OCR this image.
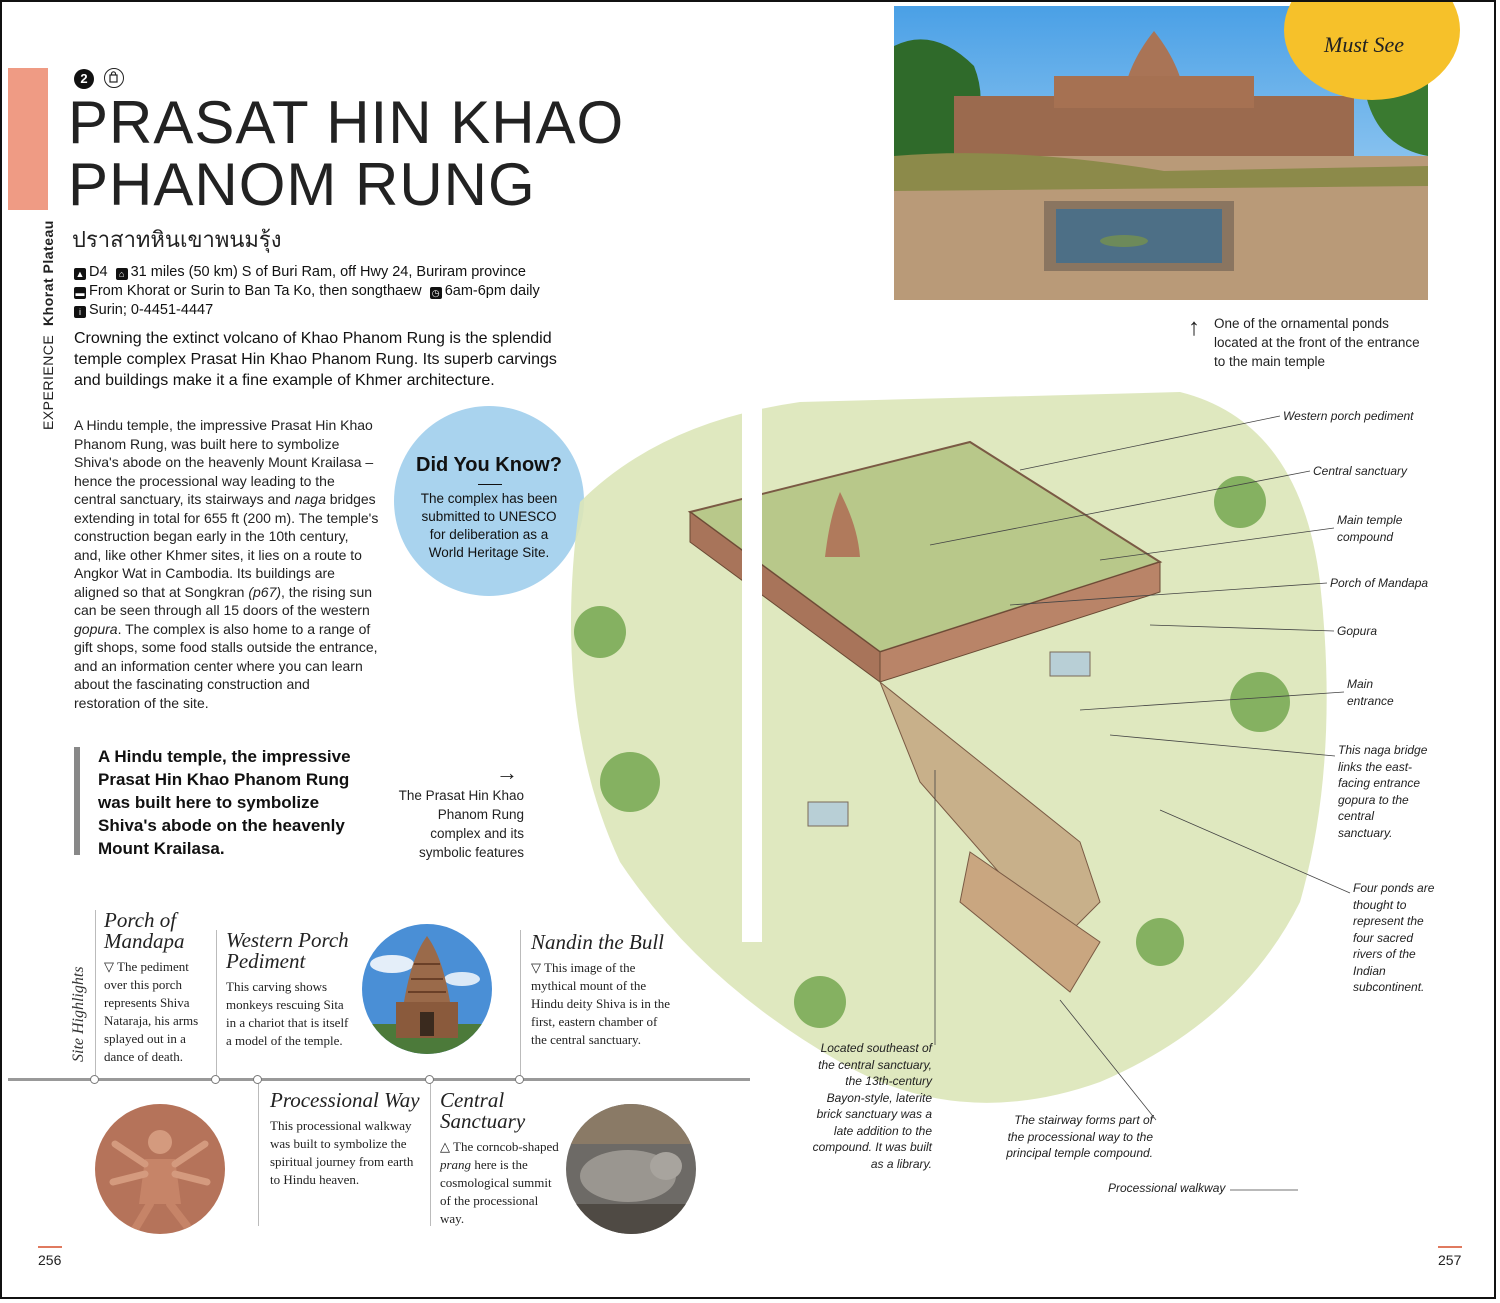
EXPERIENCE  Khorat Plateau
2
PRASAT HIN KHAO
PHANOM RUNG
ปราสาทหินเขาพนมรุ้ง
▲ D4 ⌂ 31 miles (50 km) S of Buri Ram, off Hwy 24, Buriram province
▬ From Khorat or Surin to Ban Ta Ko, then songthaew ◷ 6am-6pm daily
i Surin; 0-4451-4447
Crowning the extinct volcano of Khao Phanom Rung is the splendid temple complex Prasat Hin Khao Phanom Rung. Its superb carvings and buildings make it a fine example of Khmer architecture.
A Hindu temple, the impressive Prasat Hin Khao Phanom Rung, was built here to symbolize Shiva's abode on the heavenly Mount Krailasa – hence the processional way leading to the central sanctuary, its stairways and naga bridges extending in total for 655 ft (200 m). The temple's construction began early in the 10th century, and, like other Khmer sites, it lies on a route to Angkor Wat in Cambodia. Its buildings are aligned so that at Songkran (p67), the rising sun can be seen through all 15 doors of the western gopura. The complex is also home to a range of gift shops, some food stalls outside the entrance, and an information center where you can learn about the fascinating construction and restoration of the site.
A Hindu temple, the impressive Prasat Hin Khao Phanom Rung was built here to symbolize Shiva's abode on the heavenly Mount Krailasa.
Did You Know?
The complex has been submitted to UNESCO for deliberation as a World Heritage Site.
→
The Prasat Hin Khao Phanom Rung complex and its symbolic features
Site Highlights
Porch of Mandapa
▽ The pediment over this porch represents Shiva Nataraja, his arms splayed out in a dance of death.
Western Porch Pediment
This carving shows monkeys rescuing Sita in a chariot that is itself a model of the temple.
Nandin the Bull
▽ This image of the mythical mount of the Hindu deity Shiva is in the first, eastern chamber of the central sanctuary.
Processional Way
This processional walkway was built to symbolize the spiritual journey from earth to Hindu heaven.
Central Sanctuary
△ The corncob-shaped prang here is the cosmological summit of the processional way.
256
Must See
↑ One of the ornamental ponds located at the front of the entrance to the main temple
Western porch pediment
Central sanctuary
Main temple compound
Porch of Mandapa
Gopura
Main entrance
This naga bridge links the east-facing entrance gopura to the central sanctuary.
Four ponds are thought to represent the four sacred rivers of the Indian subcontinent.
Located southeast of the central sanctuary, the 13th-century Bayon-style, laterite brick sanctuary was a late addition to the compound. It was built as a library.
The stairway forms part of the processional way to the principal temple compound.
Processional walkway
257
